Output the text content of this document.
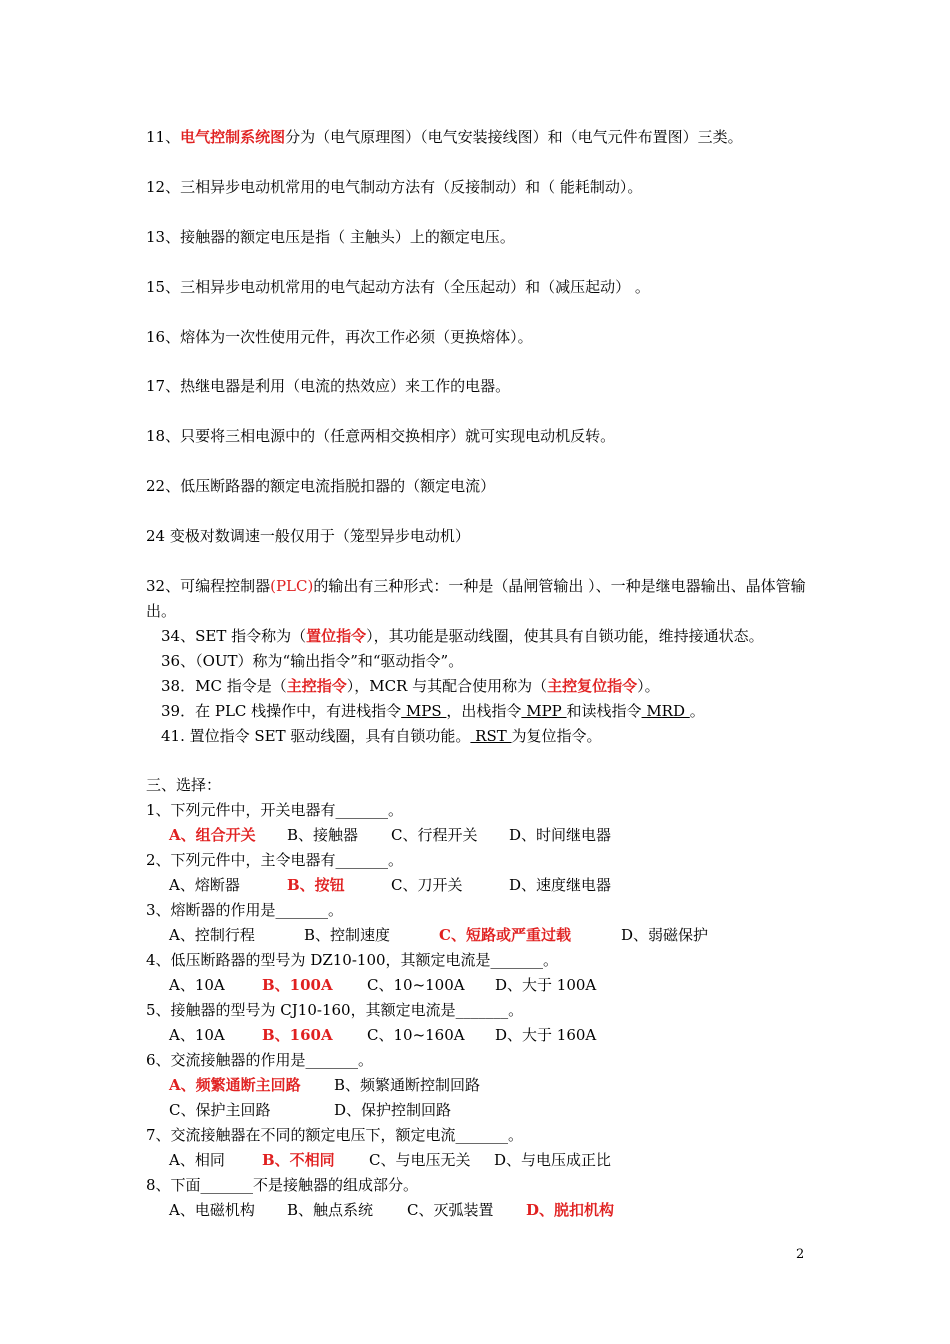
11、电气控制系统图分为（电气原理图）（电气安装接线图）和（电气元件布置图）三类。
12、三相异步电动机常用的电气制动方法有（反接制动）和（ 能耗制动）。
13、接触器的额定电压是指（ 主触头）上的额定电压。
15、三相异步电动机常用的电气起动方法有（全压起动）和（减压起动） 。
16、熔体为一次性使用元件，再次工作必须（更换熔体）。
17、热继电器是利用（电流的热效应）来工作的电器。
18、只要将三相电源中的（任意两相交换相序）就可实现电动机反转。
22、低压断路器的额定电流指脱扣器的（额定电流）
24 变极对数调速一般仅用于（笼型异步电动机）
32、可编程控制器(PLC)的输出有三种形式：一种是（晶闸管输出 ）、一种是继电器输出、晶体管输
出。
34、SET 指令称为（置位指令），其功能是驱动线圈，使其具有自锁功能，维持接通状态。
36、（OUT）称为“输出指令”和“驱动指令”。
38．MC 指令是（主控指令），MCR 与其配合使用称为（主控复位指令）。
39．在 PLC 栈操作中，有进栈指令 MPS ，出栈指令 MPP 和读栈指令 MRD 。
41. 置位指令 SET 驱动线圈，具有自锁功能。 RST 为复位指令。
三、选择：
1、下列元件中，开关电器有_______。
A、组合开关 B、接触器 C、行程开关 D、时间继电器
2、下列元件中，主令电器有_______。
A、熔断器	B、按钮	C、刀开关	D、速度继电器
3、熔断器的作用是_______。
A、控制行程	B、控制速度	C、短路或严重过载	D、弱磁保护
4、低压断路器的型号为 DZ10-100，其额定电流是_______。
A、10A B、100A C、10~100A D、大于 100A
5、接触器的型号为 CJ10-160，其额定电流是_______。
A、10A B、160A C、10~160A D、大于 160A
6、交流接触器的作用是_______。
A、频繁通断主回路 B、频繁通断控制回路
C、保护主回路	D、保护控制回路
7、交流接触器在不同的额定电压下，额定电流_______。
A、相同 B、不相同 C、与电压无关 D、与电压成正比
8、下面_______不是接触器的组成部分。
A、电磁机构 B、触点系统 C、灭弧装置 D、脱扣机构
2
